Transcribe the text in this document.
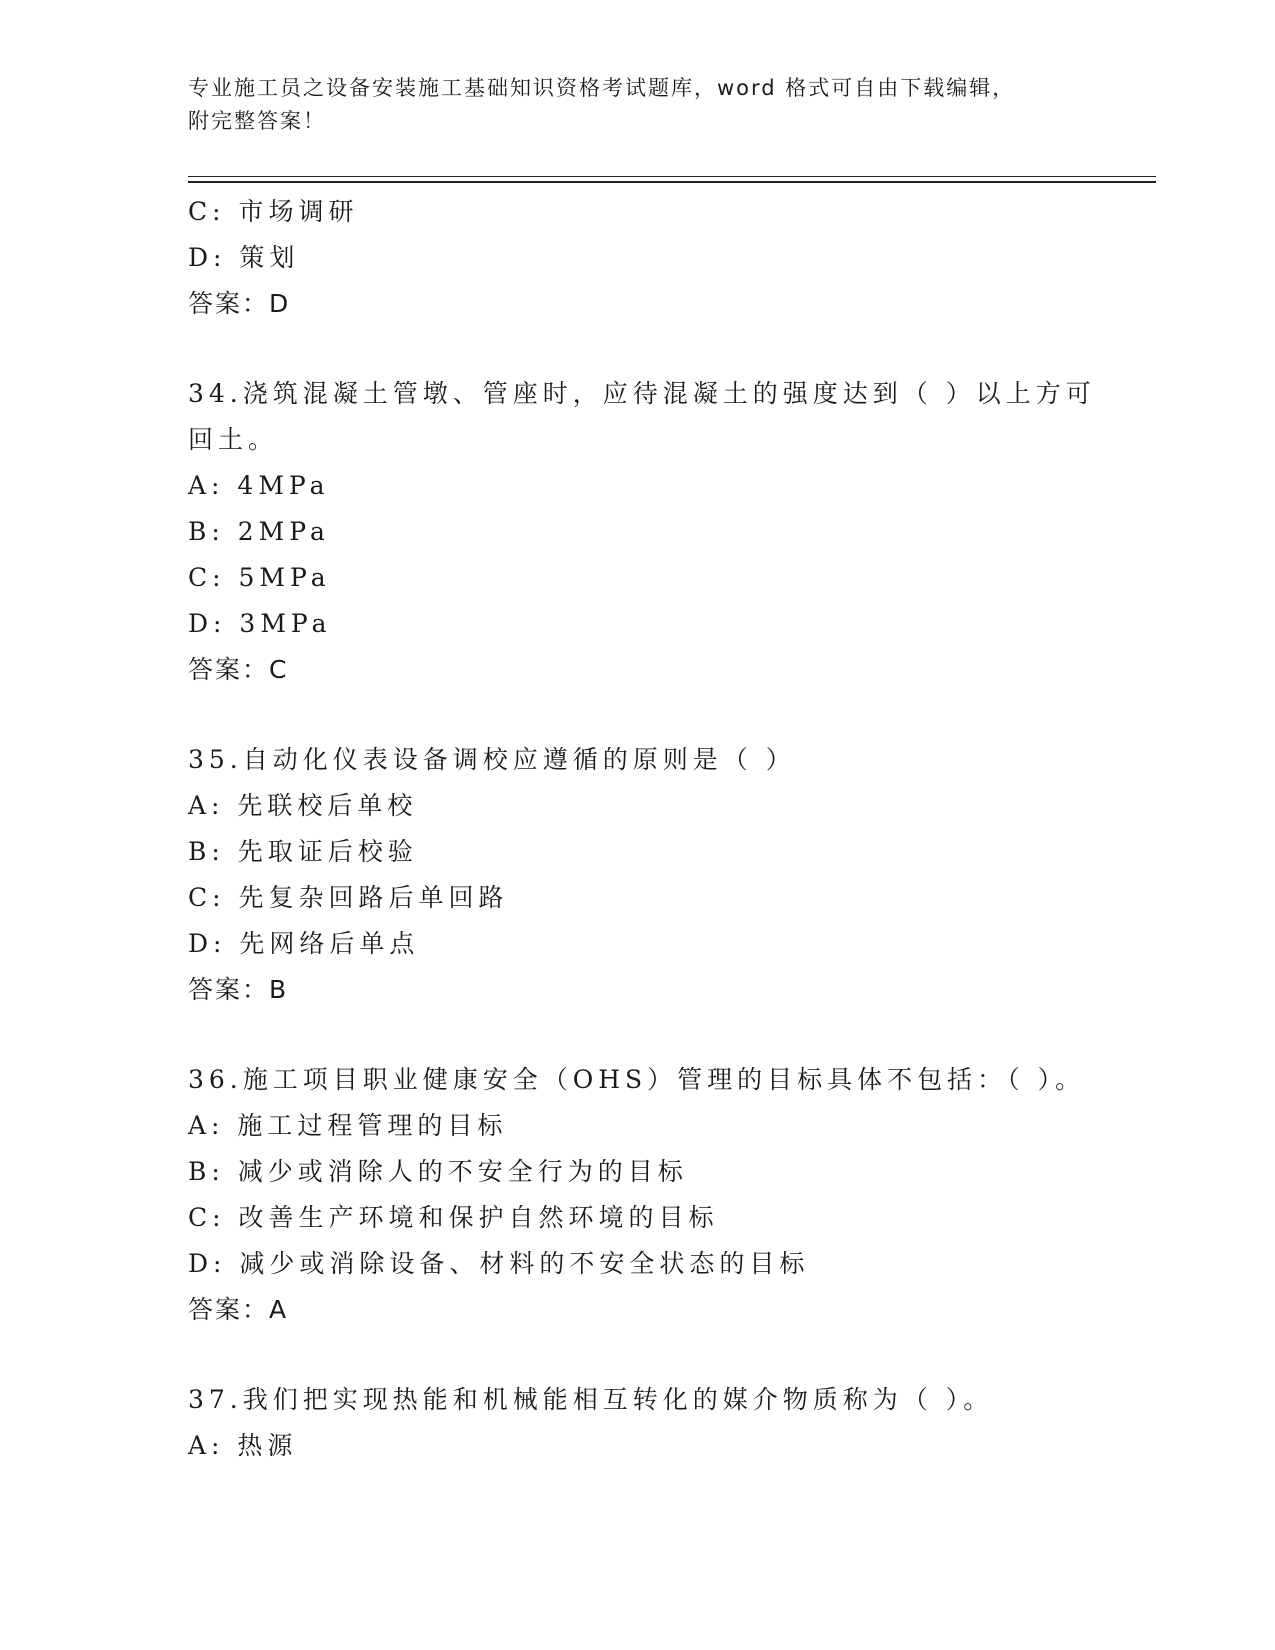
专业施工员之设备安装施工基础知识资格考试题库，word 格式可自由下载编辑，
附完整答案！
C: 市场调研
D: 策划
答案：D
34.浇筑混凝土管墩、管座时，应待混凝土的强度达到（ ）以上方可
回土。
A: 4MPa
B: 2MPa
C: 5MPa
D: 3MPa
答案：C
35.自动化仪表设备调校应遵循的原则是（ ）
A: 先联校后单校
B: 先取证后校验
C: 先复杂回路后单回路
D: 先网络后单点
答案：B
36.施工项目职业健康安全（OHS）管理的目标具体不包括：（ ）。
A: 施工过程管理的目标
B: 减少或消除人的不安全行为的目标
C: 改善生产环境和保护自然环境的目标
D: 减少或消除设备、材料的不安全状态的目标
答案：A
37.我们把实现热能和机械能相互转化的媒介物质称为（ ）。
A: 热源
